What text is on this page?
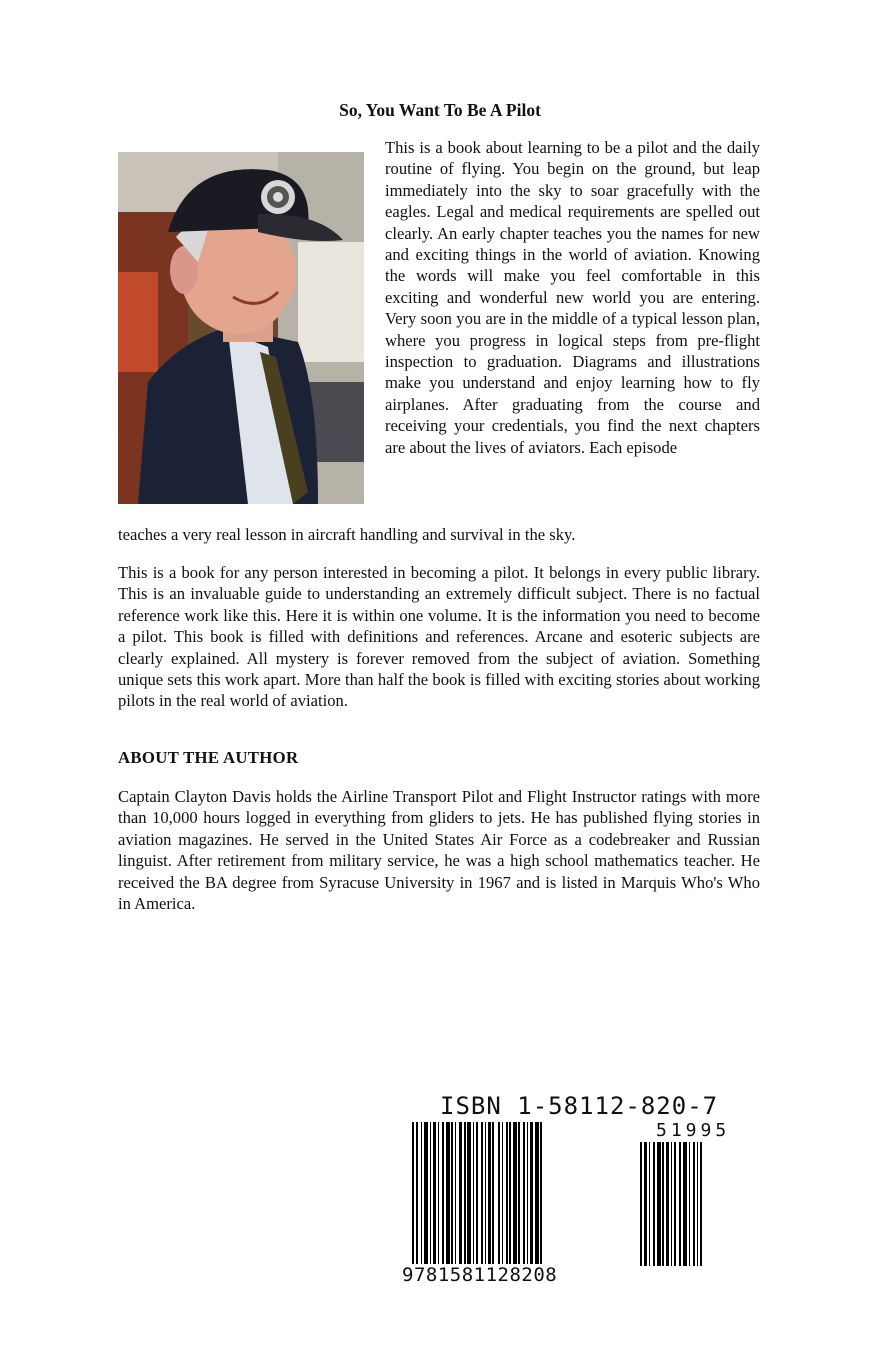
So, You Want To Be A Pilot
This is a book about learning to be a pilot and the daily routine of flying. You begin on the ground, but leap immediately into the sky to soar gracefully with the eagles. Legal and medical requirements are spelled out clearly. An early chapter teaches you the names for new and exciting things in the world of aviation. Knowing the words will make you feel comfortable in this exciting and wonderful new world you are entering. Very soon you are in the middle of a typical lesson plan, where you progress in logical steps from pre-flight inspection to graduation. Diagrams and illustrations make you understand and enjoy learning how to fly airplanes. After graduating from the course and receiving your credentials, you find the next chapters are about the lives of aviators. Each episode
teaches a very real lesson in aircraft handling and survival in the sky.
This is a book for any person interested in becoming a pilot. It belongs in every public library. This is an invaluable guide to understanding an extremely difficult subject. There is no factual reference work like this. Here it is within one volume. It is the information you need to become a pilot. This book is filled with definitions and references. Arcane and esoteric subjects are clearly explained. All mystery is forever removed from the subject of aviation. Something unique sets this work apart. More than half the book is filled with exciting stories about working pilots in the real world of aviation.
ABOUT THE AUTHOR
Captain Clayton Davis holds the Airline Transport Pilot and Flight Instructor ratings with more than 10,000 hours logged in everything from gliders to jets. He has published flying stories in aviation magazines. He served in the United States Air Force as a codebreaker and Russian linguist. After retirement from military service, he was a high school mathematics teacher. He received the BA degree from Syracuse University in 1967 and is listed in Marquis Who's Who in America.
ISBN 1-58112-820-7
51995
9781581128208
